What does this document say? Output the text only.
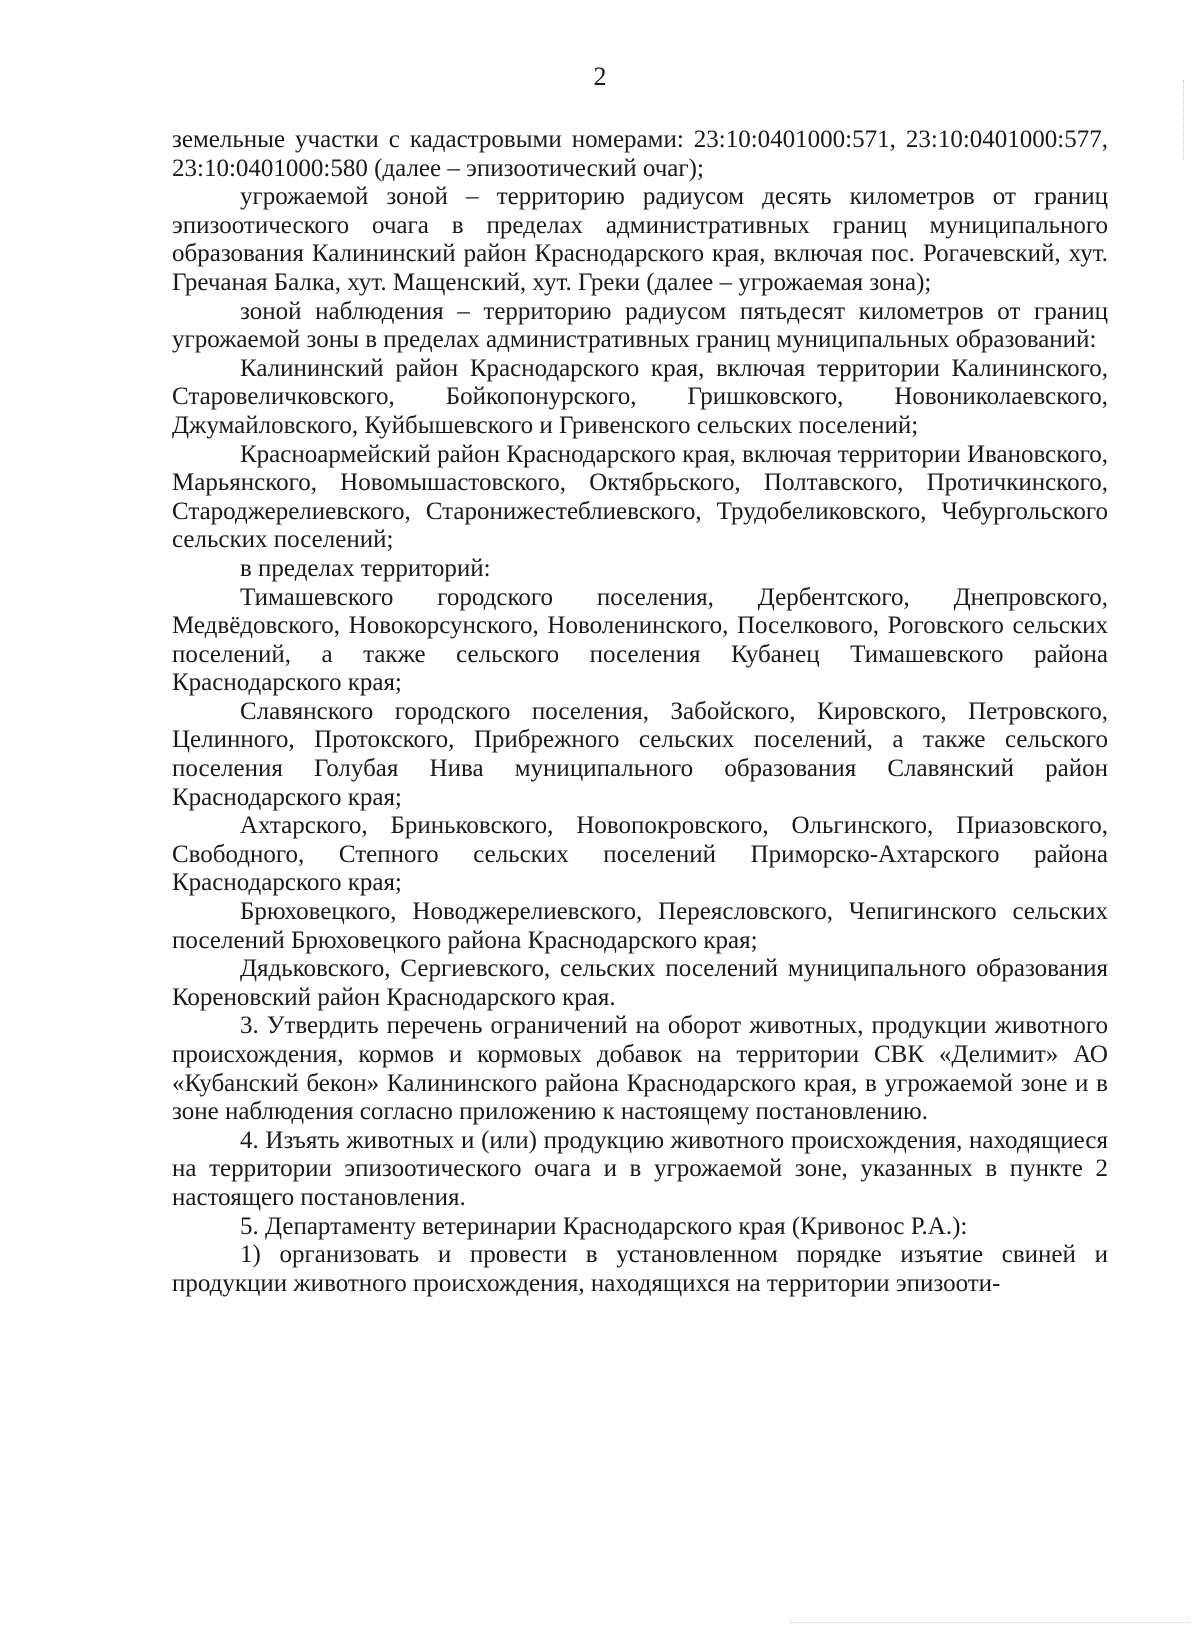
2

земельные участки с кадастровыми номерами: 23:10:0401000:571, 23:10:0401000:577, 23:10:0401000:580 (далее – эпизоотический очаг);

угрожаемой зоной – территорию радиусом десять километров от границ эпизоотического очага в пределах административных границ муниципального образования Калининский район Краснодарского края, включая пос. Рогачевский, хут. Гречаная Балка, хут. Мащенский, хут. Греки (далее – угрожаемая зона);

зоной наблюдения – территорию радиусом пятьдесят километров от границ угрожаемой зоны в пределах административных границ муниципальных образований:

Калининский район Краснодарского края, включая территории Калининского, Старовеличковского, Бойкопонурского, Гришковского, Новониколаевского, Джумайловского, Куйбышевского и Гривенского сельских поселений;

Красноармейский район Краснодарского края, включая территории Ивановского, Марьянского, Новомышастовского, Октябрьского, Полтавского, Протичкинского, Староджерелиевского, Старонижестеблиевского, Трудобеликовского, Чебургольского сельских поселений;

в пределах территорий:

Тимашевского городского поселения, Дербентского, Днепровского, Медвёдовского, Новокорсунского, Новоленинского, Поселкового, Роговского сельских поселений, а также сельского поселения Кубанец Тимашевского района Краснодарского края;

Славянского городского поселения, Забойского, Кировского, Петровского, Целинного, Протокского, Прибрежного сельских поселений, а также сельского поселения Голубая Нива муниципального образования Славянский район Краснодарского края;

Ахтарского, Бриньковского, Новопокровского, Ольгинского, Приазовского, Свободного, Степного сельских поселений Приморско-Ахтарского района Краснодарского края;

Брюховецкого, Новоджерелиевского, Переясловского, Чепигинского сельских поселений Брюховецкого района Краснодарского края;

Дядьковского, Сергиевского, сельских поселений муниципального образования Кореновский район Краснодарского края.

3. Утвердить перечень ограничений на оборот животных, продукции животного происхождения, кормов и кормовых добавок на территории СВК «Делимит» АО «Кубанский бекон» Калининского района Краснодарского края, в угрожаемой зоне и в зоне наблюдения согласно приложению к настоящему постановлению.

4. Изъять животных и (или) продукцию животного происхождения, находящиеся на территории эпизоотического очага и в угрожаемой зоне, указанных в пункте 2 настоящего постановления.

5. Департаменту ветеринарии Краснодарского края (Кривонос Р.А.):

1) организовать и провести в установленном порядке изъятие свиней и продукции животного происхождения, находящихся на территории эпизооти-
